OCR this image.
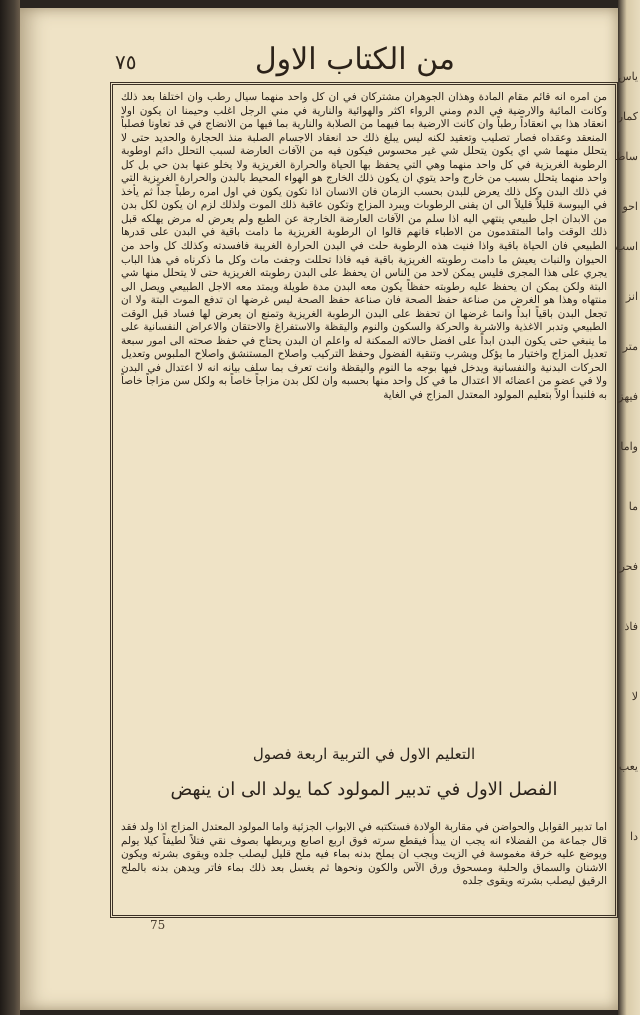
٧٥	من الكتاب الاول

من امره انه قائم مقام المادة وهذان الجوهران مشتركان في ان كل واحد منهما سيال رطب وان اختلفا بعد ذلك وكانت المائية والارضية في الدم ومني الرواء اكثر والهوائية والنارية في مني الرجل اغلب وحيمنا ان يكون اولا انعقاد هذا بي انعقاداً رطباً وان كانت الارضية بما فيهما من الصلابة والنارية بما فيها من الانضاج في قد تعاونا فصلباً المنعقد وعقداه فصار تصليب وتعقيد لكنه ليس يبلغ ذلك حد انعقاد الاجسام الصلبة منذ الحجارة والحديد حتى لا يتحلل منهما شي اي يكون يتحلل شي غير محسوس فيكون فيه من الآفات العارضة لسبب التحلل دائم اوطوبة الرطوبة الغريزية في كل واحد منهما وهي التي يحفظ بها الحياة والحرارة الغريزية ولا يخلو عنها بدن حي بل كل واحد منهما يتحلل بسبب من خارج واحد يتوي ان يكون ذلك الخارج هو الهواء المحيط بالبدن والحرارة الغريزية التي في ذلك البدن وكل ذلك يعرض للبدن بحسب الزمان فان الانسان اذا تكون يكون في اول امره رطباً جداً ثم يأخذ في اليبوسة قليلاً قليلاً الى ان يفنى الرطوبات ويبرد المزاج وتكون عاقبة ذلك الموت ولذلك لزم ان يكون لكل بدن من الابدان اجل طبيعي ينتهي اليه اذا سلم من الآفات العارضة الخارجة عن الطبع ولم يعرض له مرض يهلكه قبل ذلك الوقت واما المتقدمون من الاطباء فانهم قالوا ان الرطوبة الغريزية ما دامت باقية في البدن على قدرها الطبيعي فان الحياة باقية واذا فنيت هذه الرطوبة حلت في البدن الحرارة الغريبة فافسدته وكذلك كل واحد من الحيوان والنبات يعيش ما دامت رطوبته الغريزية باقية فيه فاذا تحللت وجفت مات وكل ما ذكرناه في هذا الباب يجري على هذا المجرى فليس يمكن لاحد من الناس ان يحفظ على البدن رطوبته الغريزية حتى لا يتحلل منها شي البتة ولكن يمكن ان يحفظ عليه رطوبته حفظاً يكون معه البدن مدة طويلة ويمتد معه الاجل الطبيعي ويصل الى منتهاه وهذا هو الغرض من صناعة حفظ الصحة فان صناعة حفظ الصحة ليس غرضها ان تدفع الموت البتة ولا ان تجعل البدن باقياً ابداً وانما غرضها ان تحفظ على البدن الرطوبة الغريزية وتمنع ان يعرض لها فساد قبل الوقت الطبيعي وتدبر الاغذية والاشربة والحركة والسكون والنوم واليقظة والاستفراغ والاحتقان والاعراض النفسانية على ما ينبغي حتى يكون البدن ابداً على افضل حالاته الممكنة له واعلم ان البدن يحتاج في حفظ صحته الى امور سبعة تعديل المزاج واختيار ما يؤكل ويشرب وتنقية الفضول وحفظ التركيب واصلاح المستنشق واصلاح الملبوس وتعديل الحركات البدنية والنفسانية ويدخل فيها بوجه ما النوم واليقظة وانت تعرف بما سلف بيانه انه لا اعتدال في البدن ولا في عضو من اعضائه الا اعتدال ما في كل واحد منها بحسبه وان لكل بدن مزاجاً خاصاً به ولكل سن مزاجاً خاصاً به فلنبدأ اولاً بتعليم المولود المعتدل المزاج في الغاية

التعليم الاول في التربية اربعة فصول
الفصل الاول في تدبير المولود كما يولد الى ان ينهض

اما تدبير القوابل والحواضن في مقاربة الولادة فستكتبه في الابواب الجزئية واما المولود المعتدل المزاج اذا ولد فقد قال جماعة من الفضلاء انه يجب ان يبدأ فيقطع سرته فوق اربع اصابع ويربطها بصوف نقي فتلاً لطيفاً كيلا يولم ويوضع عليه خرقة مغموسة في الزيت ويجب ان يملح بدنه بماء فيه ملح قليل ليصلب جلده ويقوى بشرته ويكون الاشنان والسماق والحلبة ومسحوق ورق الآس والكون ونحوها ثم يغسل بعد ذلك بماء فاتر ويدهن بدنه بالملح الرقيق ليصلب بشرته ويقوى جلده

75
ياس
كمار
ساط
احو
اسب
انز
متر
فيهز
واما
ما
فحر
فاذ
لا
يعب
دا
